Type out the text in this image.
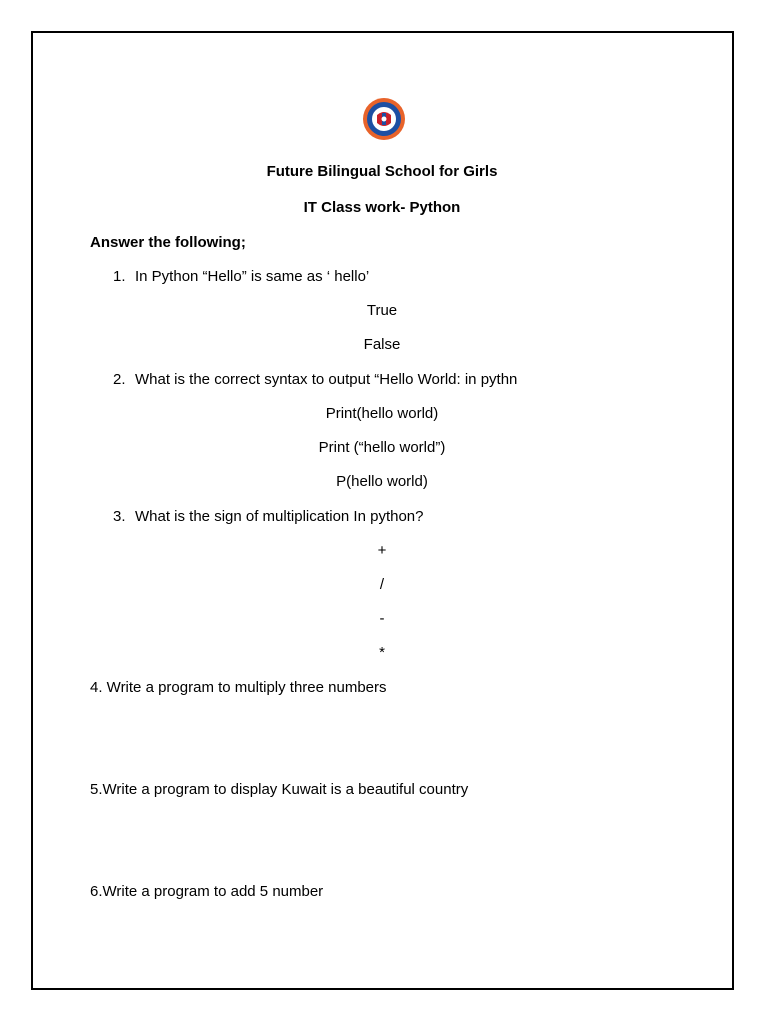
Future Bilingual School for Girls
IT Class work- Python
Answer the following;
1. In Python “Hello” is same as ‘ hello’
True
False
2. What is the correct syntax to output “Hello World: in pythn
Print(hello world)
Print (“hello world”)
P(hello world)
3. What is the sign of multiplication In python?
+
/
-
*
4. Write a program to multiply three numbers
5.Write a program to display Kuwait is a beautiful country
6.Write a program to add 5 number
